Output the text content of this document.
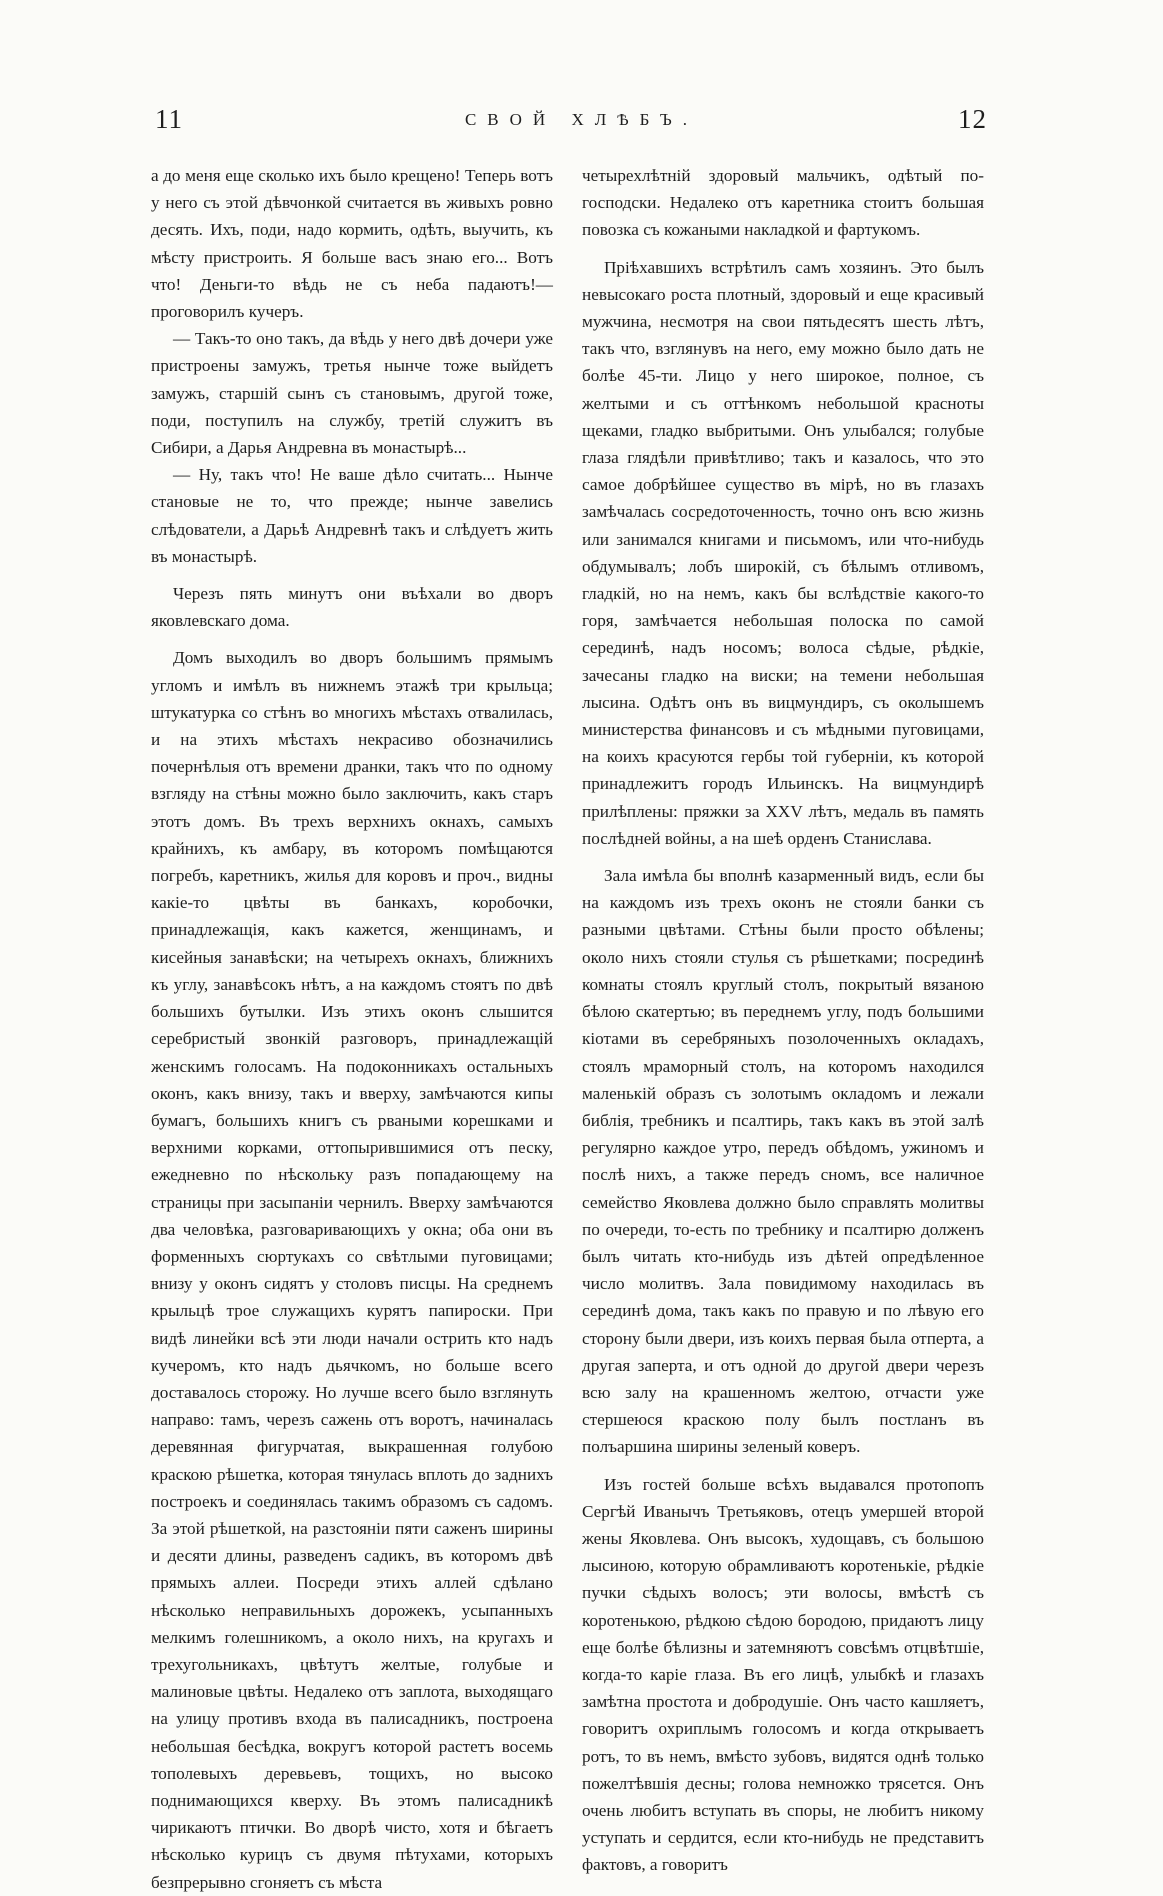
11	СВОЙ ХЛѢБЪ.	12

а до меня еще сколько ихъ было крещено! Теперь вотъ у него съ этой дѣвчонкой считается въ живыхъ ровно десять. Ихъ, поди, надо кормить, одѣть, выучить, къ мѣсту пристроить. Я больше васъ знаю его... Вотъ что! Деньги-то вѣдь не съ неба падаютъ!—проговорилъ кучеръ.

— Такъ-то оно такъ, да вѣдь у него двѣ дочери уже пристроены замужъ, третья нынче тоже выйдетъ замужъ, старшій сынъ съ становымъ, другой тоже, поди, поступилъ на службу, третій служитъ въ Сибири, а Дарья Андревна въ монастырѣ...

— Ну, такъ что! Не ваше дѣло считать... Нынче становые не то, что прежде; нынче завелись слѣдователи, а Дарьѣ Андревнѣ такъ и слѣдуетъ жить въ монастырѣ.

Черезъ пять минутъ они въѣхали во дворъ яковлевскаго дома.

Домъ выходилъ во дворъ большимъ прямымъ угломъ и имѣлъ въ нижнемъ этажѣ три крыльца; штукатурка со стѣнъ во многихъ мѣстахъ отвалилась, и на этихъ мѣстахъ некрасиво обозначились почернѣлыя отъ времени дранки, такъ что по одному взгляду на стѣны можно было заключить, какъ старъ этотъ домъ. Въ трехъ верхнихъ окнахъ, самыхъ крайнихъ, къ амбару, въ которомъ помѣщаются погребъ, каретникъ, жилья для коровъ и проч., видны какіе-то цвѣты въ банкахъ, коробочки, принадлежащія, какъ кажется, женщинамъ, и кисейныя занавѣски; на четырехъ окнахъ, ближнихъ къ углу, занавѣсокъ нѣтъ, а на каждомъ стоятъ по двѣ большихъ бутылки. Изъ этихъ оконъ слышится серебристый звонкій разговоръ, принадлежащій женскимъ голосамъ. На подоконникахъ остальныхъ оконъ, какъ внизу, такъ и вверху, замѣчаются кипы бумагъ, большихъ книгъ съ рваными корешками и верхними корками, оттопырившимися отъ песку, ежедневно по нѣскольку разъ попадающему на страницы при засыпаніи чернилъ. Вверху замѣчаются два человѣка, разговаривающихъ у окна; оба они въ форменныхъ сюртукахъ со свѣтлыми пуговицами; внизу у оконъ сидятъ у столовъ писцы. На среднемъ крыльцѣ трое служащихъ курятъ папироски. При видѣ линейки всѣ эти люди начали острить кто надъ кучеромъ, кто надъ дьячкомъ, но больше всего доставалось сторожу. Но лучше всего было взглянуть направо: тамъ, черезъ сажень отъ воротъ, начиналась деревянная фигурчатая, выкрашенная голубою краскою рѣшетка, которая тянулась вплоть до заднихъ построекъ и соединялась такимъ образомъ съ садомъ. За этой рѣшеткой, на разстояніи пяти саженъ ширины и десяти длины, разведенъ садикъ, въ которомъ двѣ прямыхъ аллеи. Посреди этихъ аллей сдѣлано нѣсколько неправильныхъ дорожекъ, усыпанныхъ мелкимъ голешникомъ, а около нихъ, на кругахъ и трехугольникахъ, цвѣтутъ желтые, голубые и малиновые цвѣты. Недалеко отъ заплота, выходящаго на улицу противъ входа въ палисадникъ, построена небольшая бесѣдка, вокругъ которой растетъ восемь тополевыхъ деревьевъ, тощихъ, но высоко поднимающихся кверху. Въ этомъ палисадникѣ чирикаютъ птички. Во дворѣ чисто, хотя и бѣгаетъ нѣсколько курицъ съ двумя пѣтухами, которыхъ безпрерывно сгоняетъ съ мѣста

четырехлѣтній здоровый мальчикъ, одѣтый по-господски. Недалеко отъ каретника стоитъ большая повозка съ кожаными накладкой и фартукомъ.

Пріѣхавшихъ встрѣтилъ самъ хозяинъ. Это былъ невысокаго роста плотный, здоровый и еще красивый мужчина, несмотря на свои пятьдесятъ шесть лѣтъ, такъ что, взглянувъ на него, ему можно было дать не болѣе 45-ти. Лицо у него широкое, полное, съ желтыми и съ оттѣнкомъ небольшой красноты щеками, гладко выбритыми. Онъ улыбался; голубые глаза глядѣли привѣтливо; такъ и казалось, что это самое добрѣйшее существо въ мірѣ, но въ глазахъ замѣчалась сосредоточенность, точно онъ всю жизнь или занимался книгами и письмомъ, или что-нибудь обдумывалъ; лобъ широкій, съ бѣлымъ отливомъ, гладкій, но на немъ, какъ бы вслѣдствіе какого-то горя, замѣчается небольшая полоска по самой серединѣ, надъ носомъ; волоса сѣдые, рѣдкіе, зачесаны гладко на виски; на темени небольшая лысина. Одѣтъ онъ въ вицмундиръ, съ околышемъ министерства финансовъ и съ мѣдными пуговицами, на коихъ красуются гербы той губерніи, къ которой принадлежитъ городъ Ильинскъ. На вицмундирѣ прилѣплены: пряжки за XXV лѣтъ, медаль въ память послѣдней войны, а на шеѣ орденъ Станислава.

Зала имѣла бы вполнѣ казарменный видъ, если бы на каждомъ изъ трехъ оконъ не стояли банки съ разными цвѣтами. Стѣны были просто обѣлены; около нихъ стояли стулья съ рѣшетками; посрединѣ комнаты стоялъ круглый столъ, покрытый вязаною бѣлою скатертью; въ переднемъ углу, подъ большими кіотами въ серебряныхъ позолоченныхъ окладахъ, стоялъ мраморный столъ, на которомъ находился маленькій образъ съ золотымъ окладомъ и лежали библія, требникъ и псалтирь, такъ какъ въ этой залѣ регулярно каждое утро, передъ обѣдомъ, ужиномъ и послѣ нихъ, а также передъ сномъ, все наличное семейство Яковлева должно было справлять молитвы по очереди, то-есть по требнику и псалтирю долженъ былъ читать кто-нибудь изъ дѣтей опредѣленное число молитвъ. Зала повидимому находилась въ серединѣ дома, такъ какъ по правую и по лѣвую его сторону были двери, изъ коихъ первая была отперта, а другая заперта, и отъ одной до другой двери черезъ всю залу на крашенномъ желтою, отчасти уже стершеюся краскою полу былъ постланъ въ полъаршина ширины зеленый коверъ.

Изъ гостей больше всѣхъ выдавался протопопъ Сергѣй Иванычъ Третьяковъ, отецъ умершей второй жены Яковлева. Онъ высокъ, худощавъ, съ большою лысиною, которую обрамливаютъ коротенькіе, рѣдкіе пучки сѣдыхъ волосъ; эти волосы, вмѣстѣ съ коротенькою, рѣдкою сѣдою бородою, придаютъ лицу еще болѣе бѣлизны и затемняютъ совсѣмъ отцвѣтшіе, когда-то каріе глаза. Въ его лицѣ, улыбкѣ и глазахъ замѣтна простота и добродушіе. Онъ часто кашляетъ, говоритъ охриплымъ голосомъ и когда открываетъ ротъ, то въ немъ, вмѣсто зубовъ, видятся однѣ только пожелтѣвшія десны; голова немножко трясется. Онъ очень любитъ вступать въ споры, не любитъ никому уступать и сердится, если кто-нибудь не представитъ фактовъ, а говоритъ
